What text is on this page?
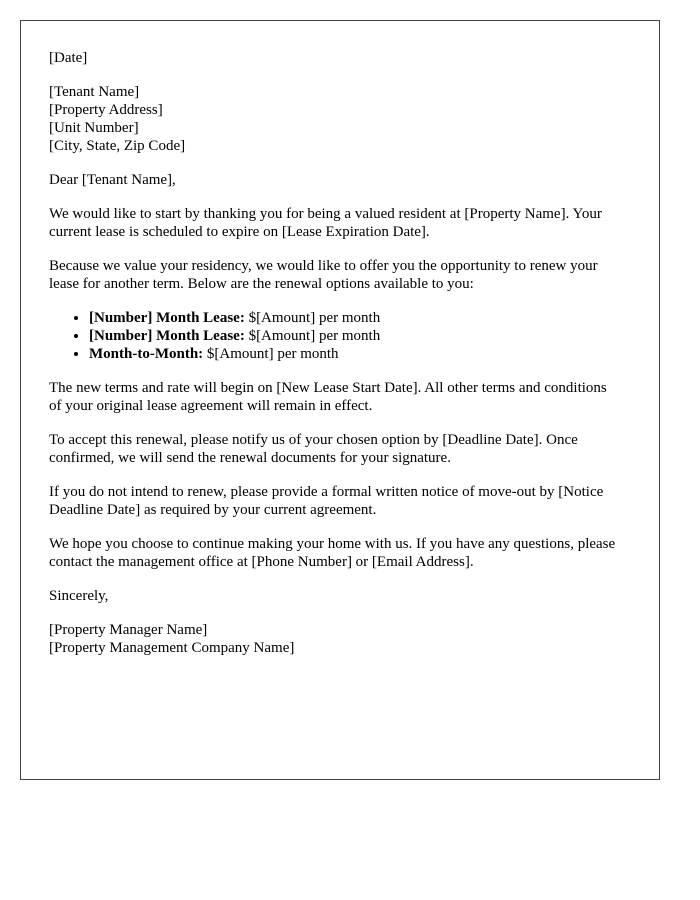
[Date]

[Tenant Name]
[Property Address]
[Unit Number]
[City, State, Zip Code]

Dear [Tenant Name],

We would like to start by thanking you for being a valued resident at [Property Name]. Your current lease is scheduled to expire on [Lease Expiration Date].

Because we value your residency, we would like to offer you the opportunity to renew your lease for another term. Below are the renewal options available to you:

• [Number] Month Lease: $[Amount] per month
• [Number] Month Lease: $[Amount] per month
• Month-to-Month: $[Amount] per month

The new terms and rate will begin on [New Lease Start Date]. All other terms and conditions of your original lease agreement will remain in effect.

To accept this renewal, please notify us of your chosen option by [Deadline Date]. Once confirmed, we will send the renewal documents for your signature.

If you do not intend to renew, please provide a formal written notice of move-out by [Notice Deadline Date] as required by your current agreement.

We hope you choose to continue making your home with us. If you have any questions, please contact the management office at [Phone Number] or [Email Address].

Sincerely,

[Property Manager Name]
[Property Management Company Name]
